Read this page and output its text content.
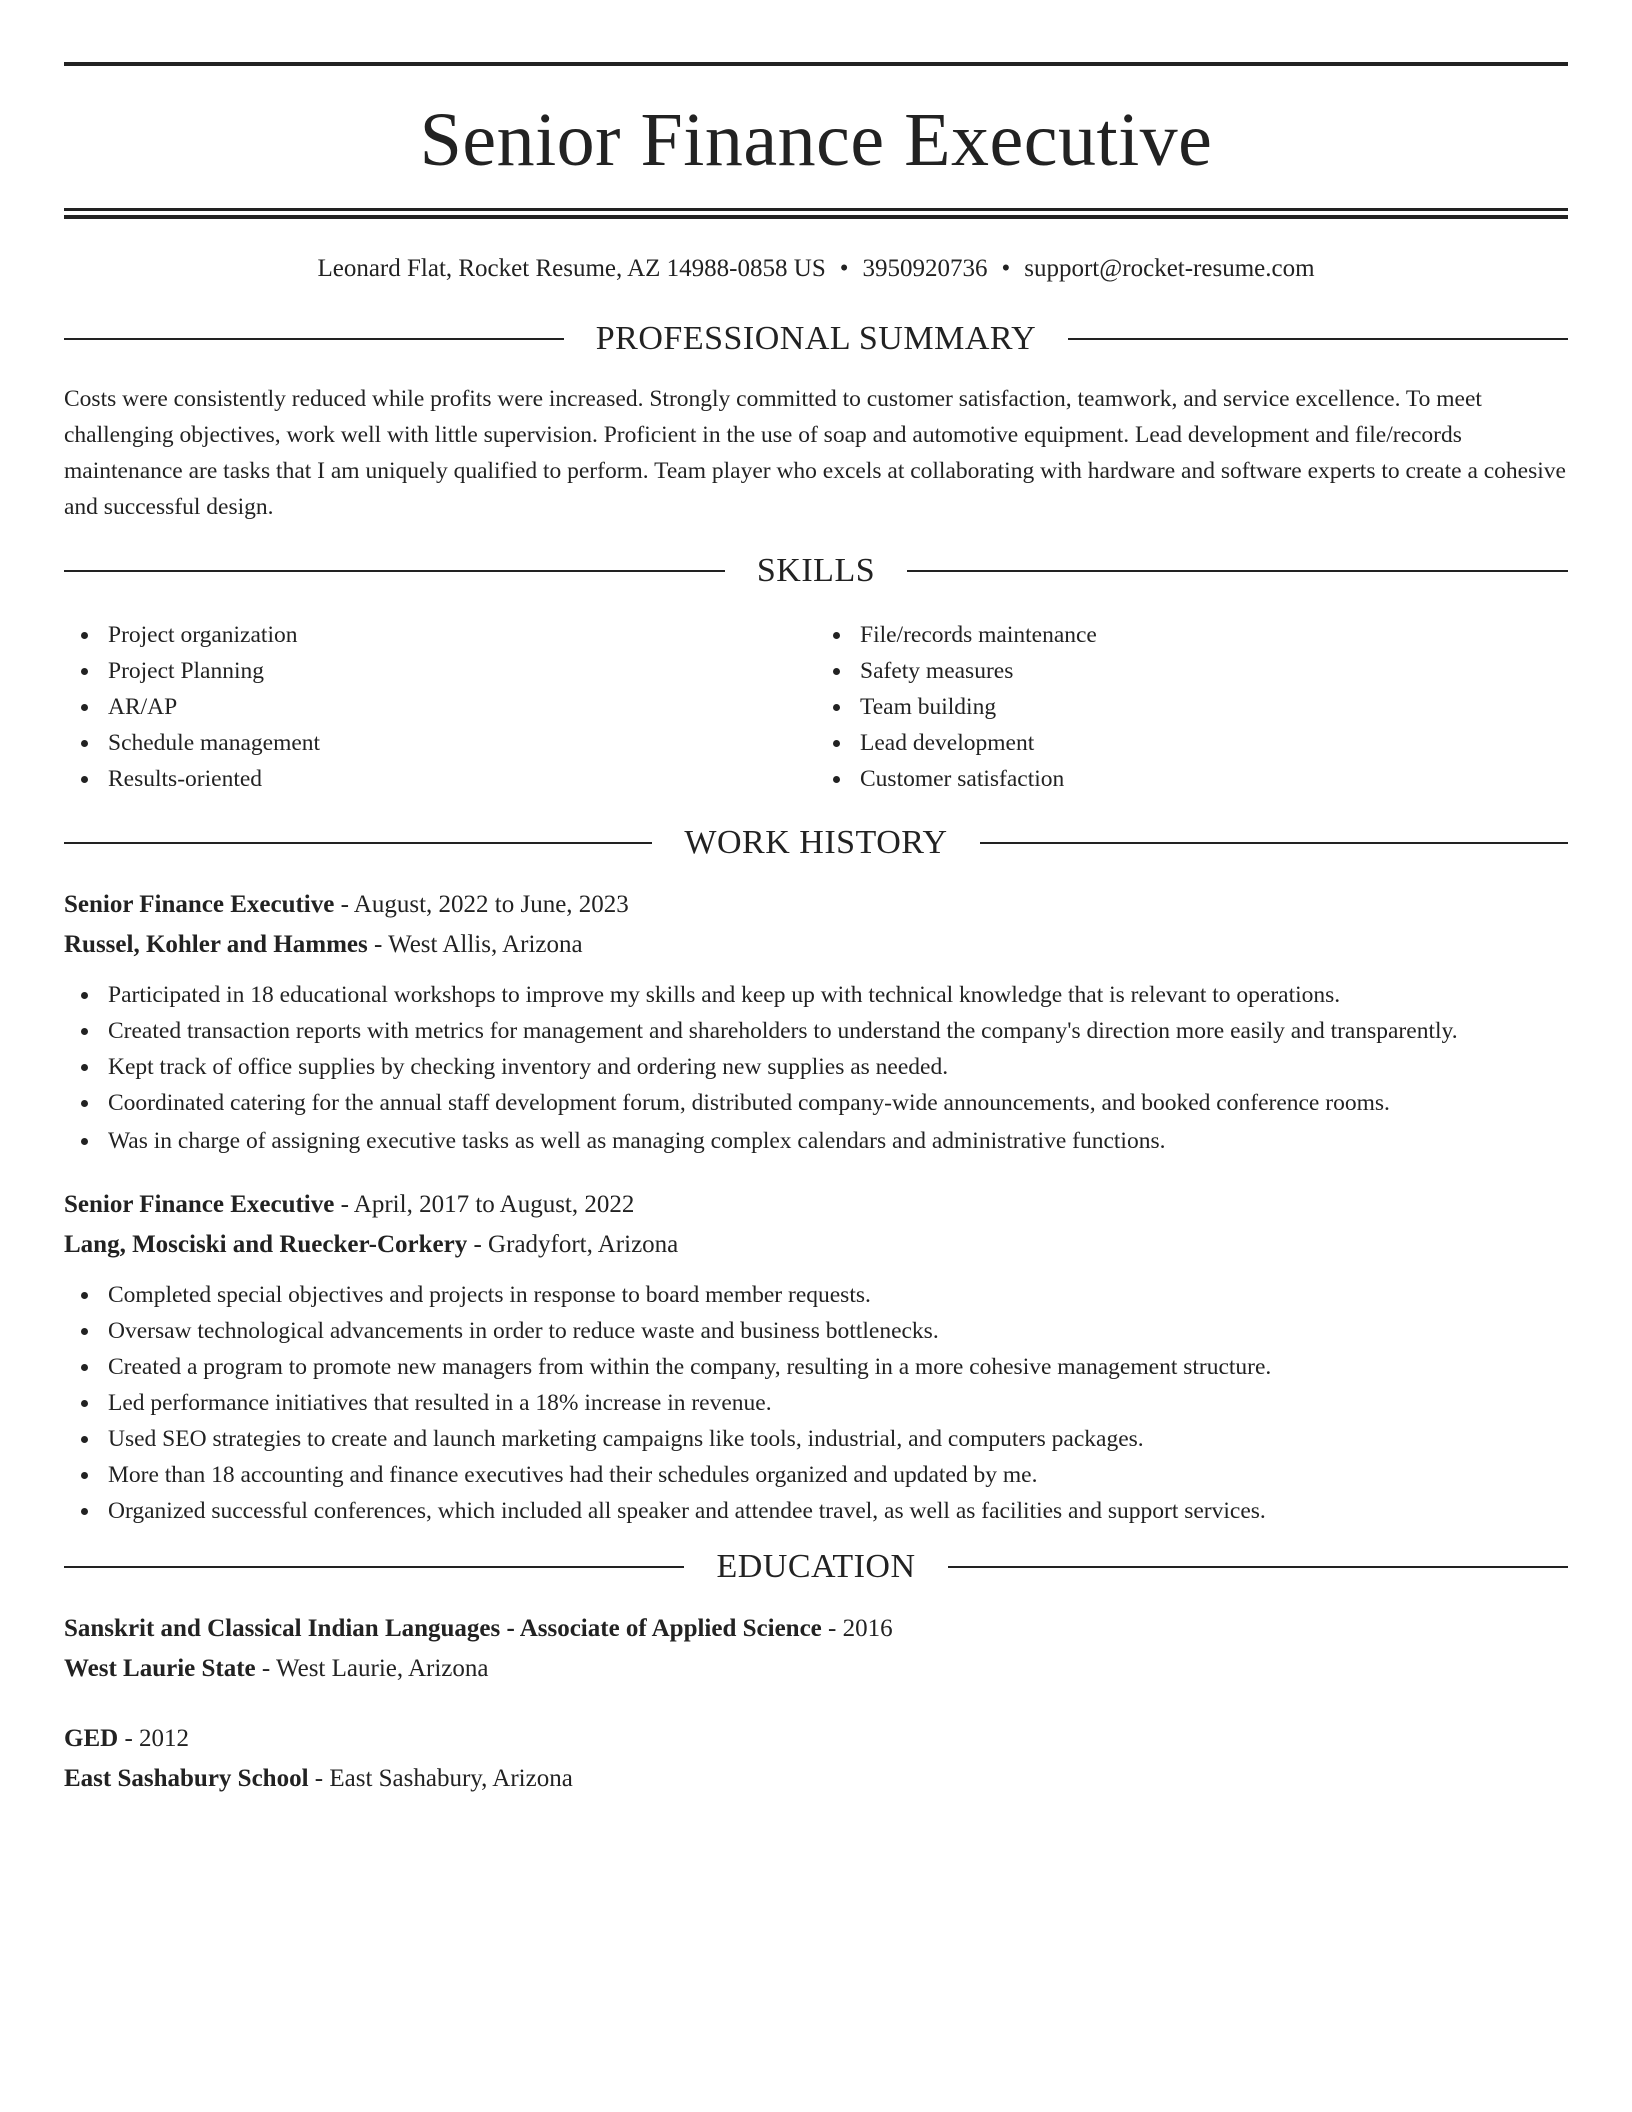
Senior Finance Executive
Leonard Flat, Rocket Resume, AZ 14988-0858 US • 3950920736 • support@rocket-resume.com
PROFESSIONAL SUMMARY
Costs were consistently reduced while profits were increased. Strongly committed to customer satisfaction, teamwork, and service excellence. To meet challenging objectives, work well with little supervision. Proficient in the use of soap and automotive equipment. Lead development and file/records maintenance are tasks that I am uniquely qualified to perform. Team player who excels at collaborating with hardware and software experts to create a cohesive and successful design.
SKILLS
Project organization
Project Planning
AR/AP
Schedule management
Results-oriented
File/records maintenance
Safety measures
Team building
Lead development
Customer satisfaction
WORK HISTORY
Senior Finance Executive - August, 2022 to June, 2023
Russel, Kohler and Hammes - West Allis, Arizona
Participated in 18 educational workshops to improve my skills and keep up with technical knowledge that is relevant to operations.
Created transaction reports with metrics for management and shareholders to understand the company's direction more easily and transparently.
Kept track of office supplies by checking inventory and ordering new supplies as needed.
Coordinated catering for the annual staff development forum, distributed company-wide announcements, and booked conference rooms.
Was in charge of assigning executive tasks as well as managing complex calendars and administrative functions.
Senior Finance Executive - April, 2017 to August, 2022
Lang, Mosciski and Ruecker-Corkery - Gradyfort, Arizona
Completed special objectives and projects in response to board member requests.
Oversaw technological advancements in order to reduce waste and business bottlenecks.
Created a program to promote new managers from within the company, resulting in a more cohesive management structure.
Led performance initiatives that resulted in a 18% increase in revenue.
Used SEO strategies to create and launch marketing campaigns like tools, industrial, and computers packages.
More than 18 accounting and finance executives had their schedules organized and updated by me.
Organized successful conferences, which included all speaker and attendee travel, as well as facilities and support services.
EDUCATION
Sanskrit and Classical Indian Languages - Associate of Applied Science - 2016
West Laurie State - West Laurie, Arizona
GED - 2012
East Sashabury School - East Sashabury, Arizona
